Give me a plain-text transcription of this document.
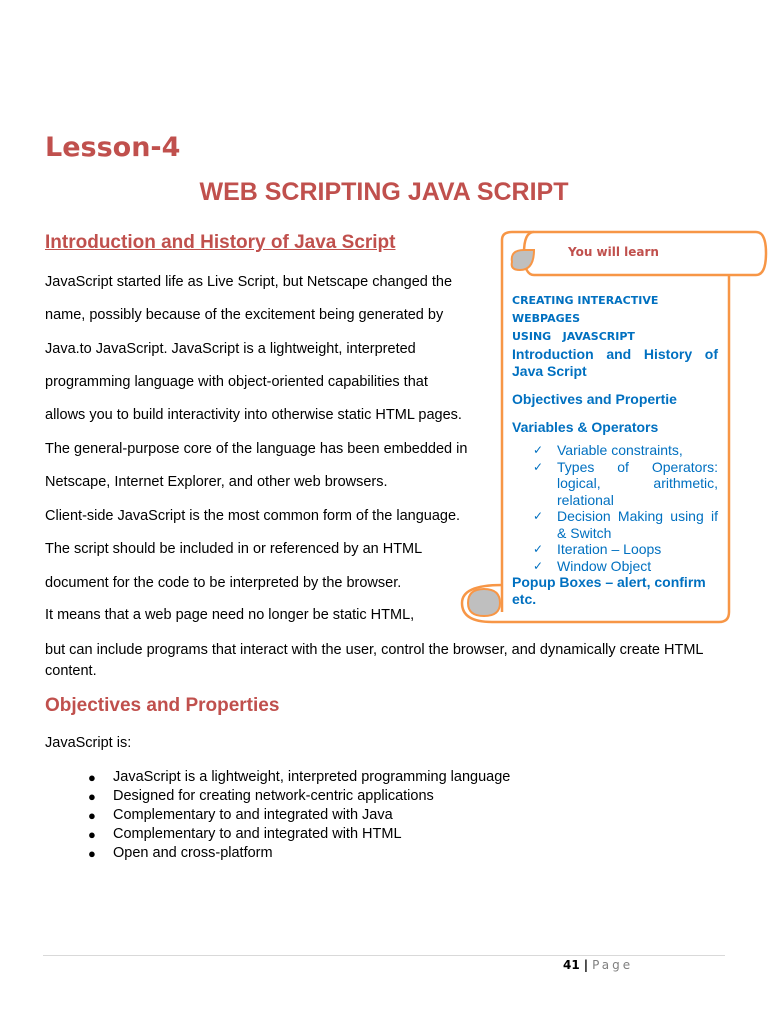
Lesson-4
WEB SCRIPTING JAVA SCRIPT
Introduction and History of Java Script

JavaScript started life as Live Script, but Netscape changed the

name, possibly because of the excitement being generated by

Java.to JavaScript. JavaScript is a lightweight, interpreted

programming language with object-oriented capabilities that

allows you to build interactivity into otherwise static HTML pages.

The general-purpose core of the language has been embedded in

Netscape, Internet Explorer, and other web browsers.

Client-side JavaScript is the most common form of the language.

The script should be included in or referenced by an HTML

document for the code to be interpreted by the browser.

It means that a web page need no longer be static HTML,

but can include programs that interact with the user, control the browser, and dynamically create HTML content.

Objectives and Properties

JavaScript is:

● JavaScript is a lightweight, interpreted programming language
● Designed for creating network-centric applications
● Complementary to and integrated with Java
● Complementary to and integrated with HTML
● Open and cross-platform
You will learn
CREATING INTERACTIVE WEBPAGES
USING   JAVASCRIPT
Introduction and History of Java Script
Objectives and Propertie
Variables & Operators
✓ Variable constraints,
✓ Types of Operators: logical, arithmetic, relational
✓ Decision Making using if & Switch
✓ Iteration – Loops
✓ Window Object
Popup Boxes – alert, confirm etc.
41 | Page
